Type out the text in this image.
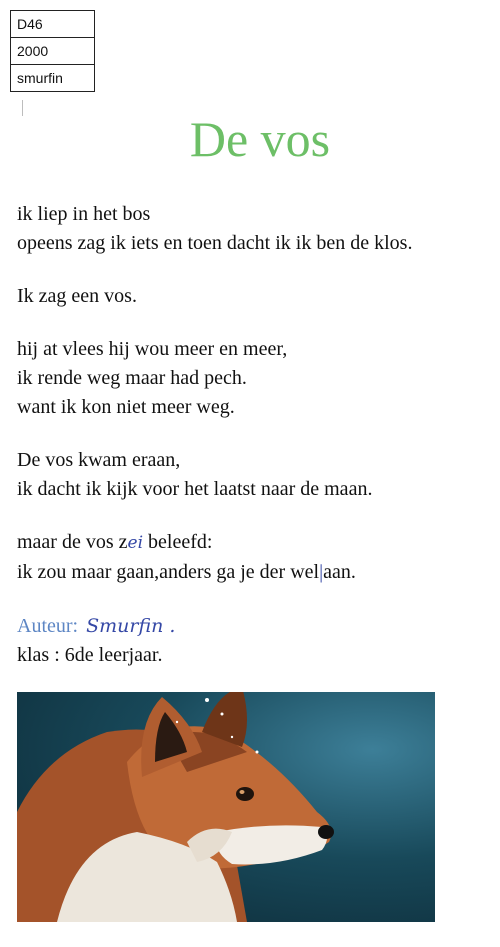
D46
2000
smurfin
De vos

ik liep in het bos

opeens zag ik iets en toen dacht ik ik ben de klos.

Ik zag een vos.

hij at vlees hij wou meer en meer,

ik rende weg maar had pech.

want ik kon niet meer weg.

De vos kwam eraan,

ik dacht ik kijk voor het laatst naar de maan.

maar de vos zei beleefd:

ik zou maar gaan,anders ga je der wel|aan.

Auteur: Smurfin .
klas : 6de leerjaar.
